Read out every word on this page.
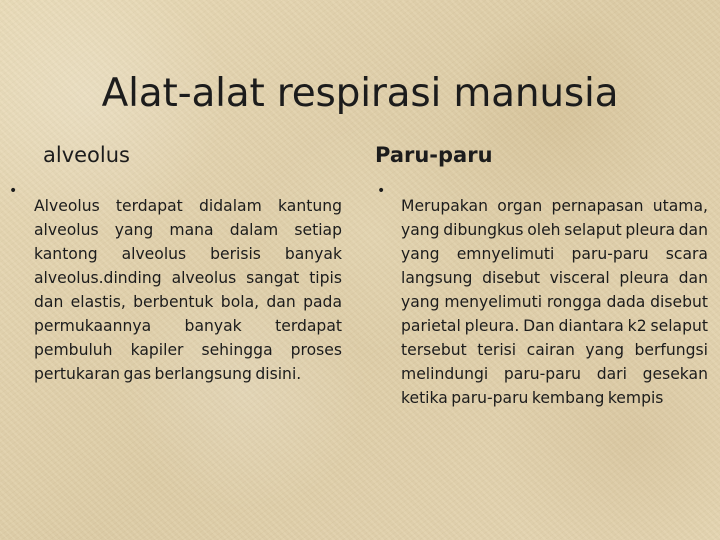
Alat-alat respirasi manusia
alveolus
•

Alveolus terdapat didalam kantung alveolus yang mana dalam setiap kantong alveolus berisis banyak alveolus.dinding alveolus sangat tipis dan elastis, berbentuk bola, dan pada permukaannya banyak terdapat pembuluh kapiler sehingga proses pertukaran gas berlangsung disini.

Paru-paru
•

Merupakan organ pernapasan utama, yang dibungkus oleh selaput pleura dan yang emnyelimuti paru-paru scara langsung disebut visceral pleura dan yang menyelimuti rongga dada disebut parietal pleura. Dan diantara k2 selaput tersebut terisi cairan yang berfungsi melindungi paru-paru dari gesekan ketika paru-paru kembang kempis
